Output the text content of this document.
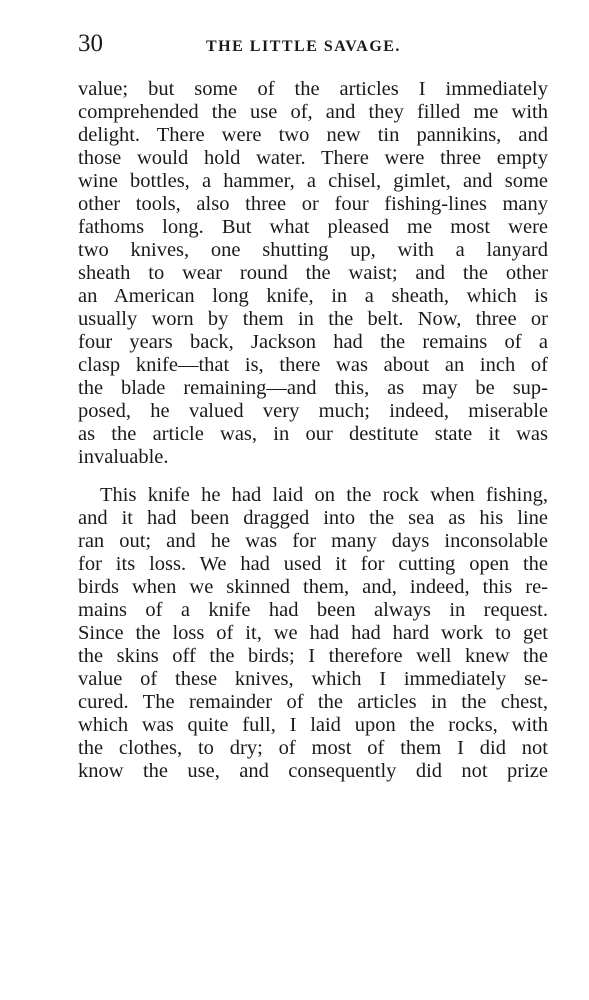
30	THE LITTLE SAVAGE.
value; but some of the articles I immediately
comprehended the use of, and they filled me with
delight. There were two new tin pannikins, and
those would hold water. There were three empty
wine bottles, a hammer, a chisel, gimlet, and some
other tools, also three or four fishing-lines many
fathoms long. But what pleased me most were
two knives, one shutting up, with a lanyard
sheath to wear round the waist; and the other
an American long knife, in a sheath, which is
usually worn by them in the belt. Now, three or
four years back, Jackson had the remains of a
clasp knife—that is, there was about an inch of
the blade remaining—and this, as may be sup-
posed, he valued very much; indeed, miserable
as the article was, in our destitute state it was
invaluable.
This knife he had laid on the rock when fishing,
and it had been dragged into the sea as his line
ran out; and he was for many days inconsolable
for its loss. We had used it for cutting open the
birds when we skinned them, and, indeed, this re-
mains of a knife had been always in request.
Since the loss of it, we had had hard work to get
the skins off the birds; I therefore well knew the
value of these knives, which I immediately se-
cured. The remainder of the articles in the chest,
which was quite full, I laid upon the rocks, with
the clothes, to dry; of most of them I did not
know the use, and consequently did not prize
